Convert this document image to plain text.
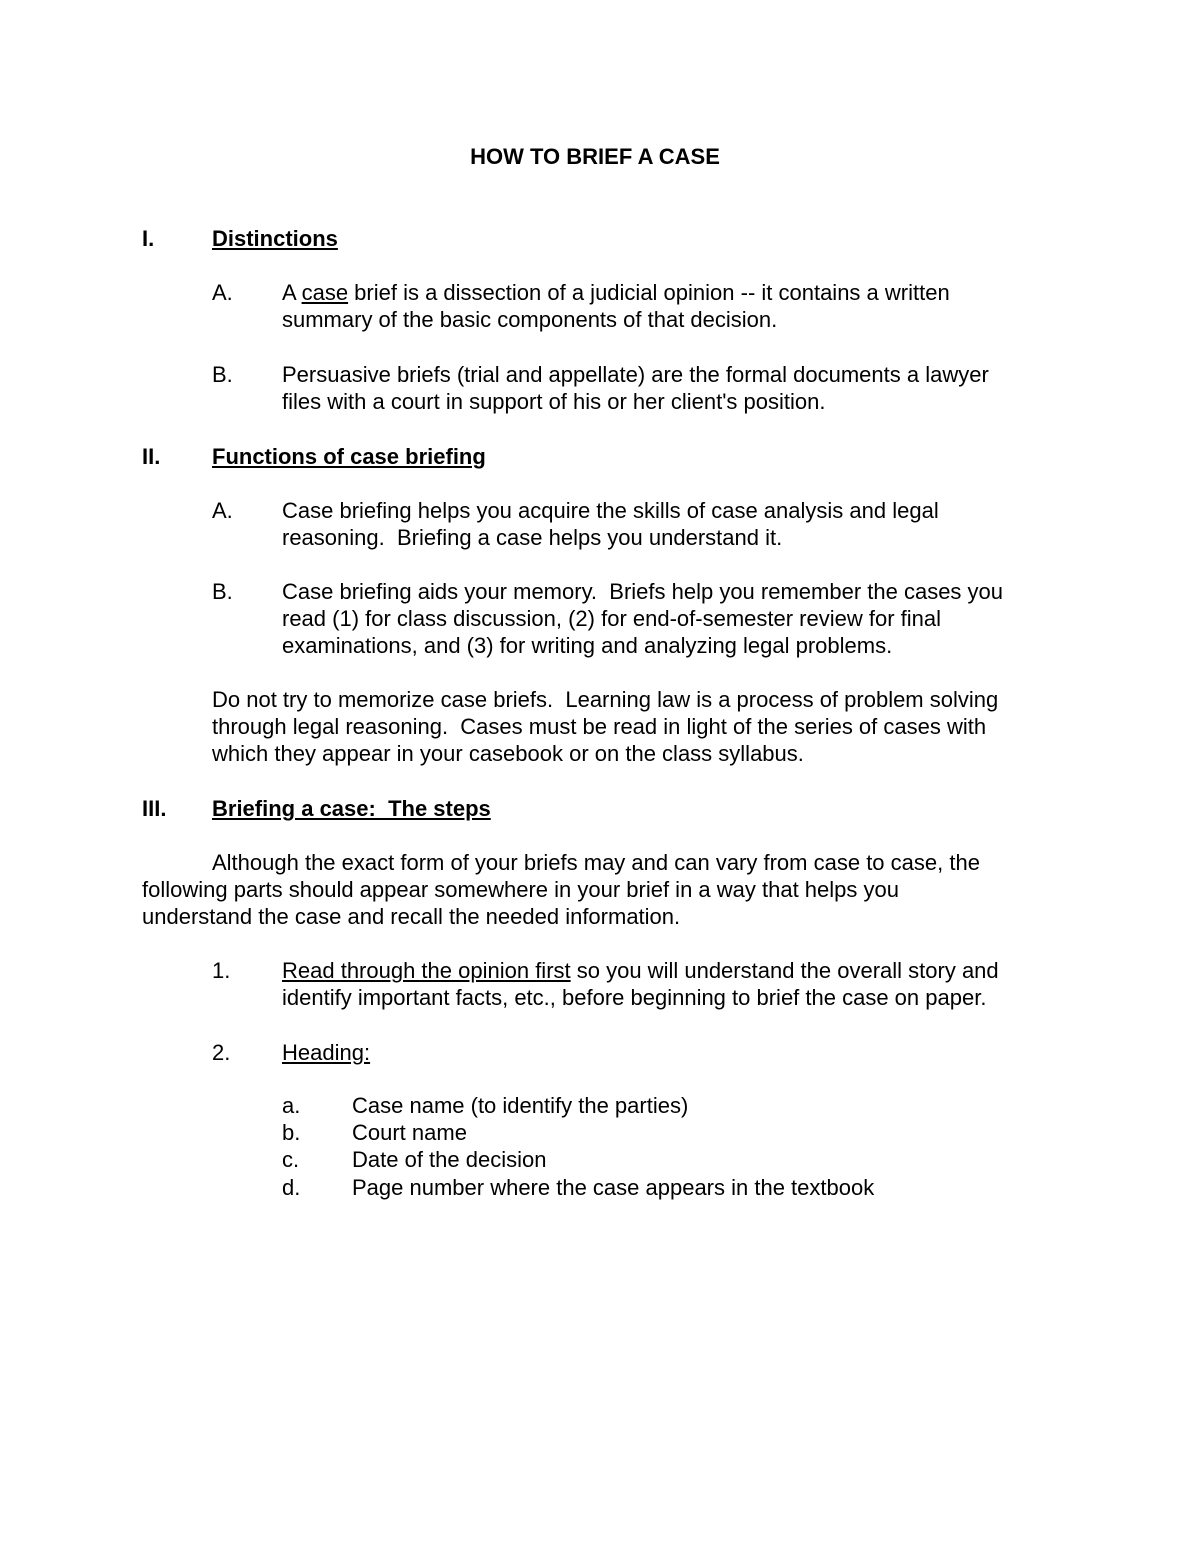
HOW TO BRIEF A CASE
I.	Distinctions
A. A case brief is a dissection of a judicial opinion -- it contains a written
summary of the basic components of that decision.
B. Persuasive briefs (trial and appellate) are the formal documents a lawyer
files with a court in support of his or her client's position.
II. Functions of case briefing
A. Case briefing helps you acquire the skills of case analysis and legal
reasoning.  Briefing a case helps you understand it.
B. Case briefing aids your memory.  Briefs help you remember the cases you
read (1) for class discussion, (2) for end-of-semester review for final
examinations, and (3) for writing and analyzing legal problems.
Do not try to memorize case briefs.  Learning law is a process of problem solving
through legal reasoning.  Cases must be read in light of the series of cases with
which they appear in your casebook or on the class syllabus.
III. Briefing a case:  The steps
Although the exact form of your briefs may and can vary from case to case, the
following parts should appear somewhere in your brief in a way that helps you
understand the case and recall the needed information.
1. Read through the opinion first so you will understand the overall story and
identify important facts, etc., before beginning to brief the case on paper.
2. Heading:
a. Case name (to identify the parties)
b. Court name
c. Date of the decision
d. Page number where the case appears in the textbook
